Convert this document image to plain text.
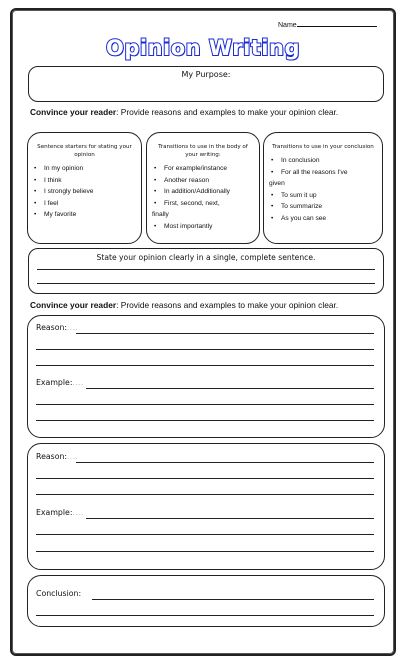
Name
Opinion Writing
My Purpose:
Convince your reader: Provide reasons and examples to make your opinion clear.
Sentence starters for stating your opinion
• In my opinion
• I think
• I strongly believe
• I feel
• My favorite
Transitions to use in the body of your writing:
• For example/instance
• Another reason
• In addition/Additionally
• First, second, next,
finally
• Most importantly
Transitions to use in your conclusion
• In conclusion
• For all the reasons I've
given
• To sum it up
• To summarize
• As you can see
State your opinion clearly in a single, complete sentence.
Convince your reader: Provide reasons and examples to make your opinion clear.
Reason:....
Example:....
Reason:....
Example:....
Conclusion:
